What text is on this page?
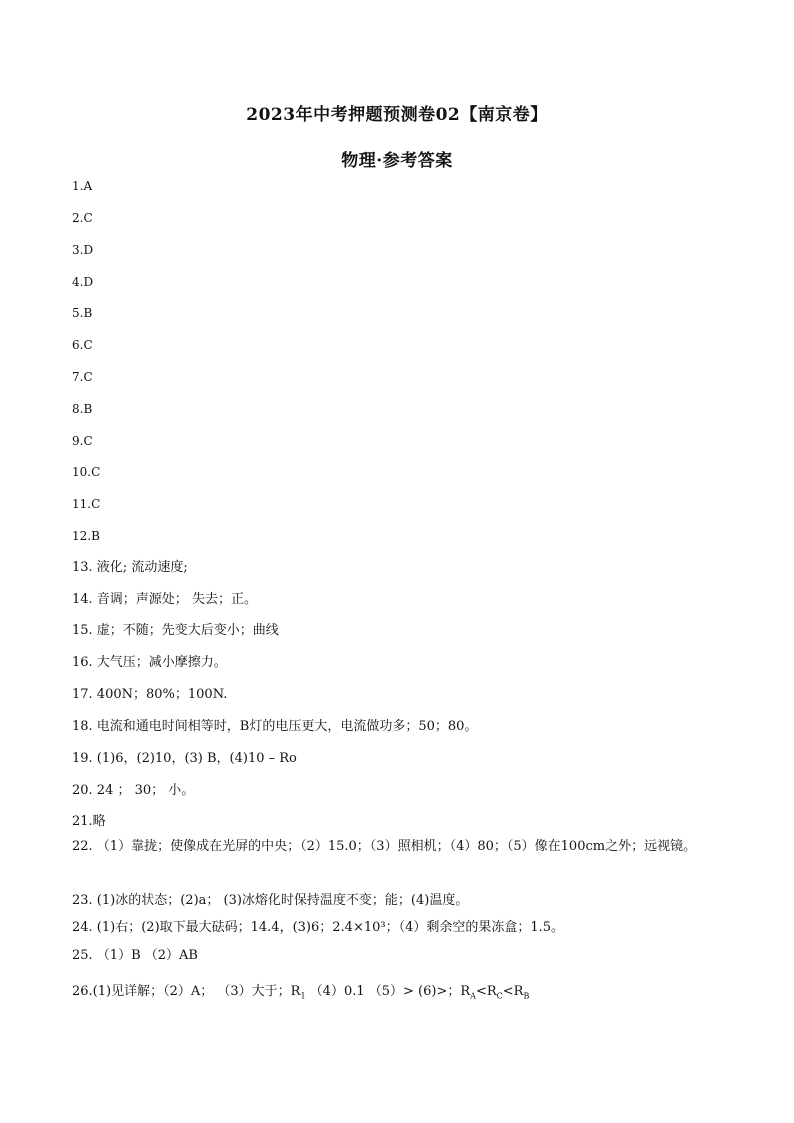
2023年中考押题预测卷02【南京卷】
物理·参考答案
1.A
2.C
3.D
4.D
5.B
6.C
7.C
8.B
9.C
10.C
11.C
12.B
13. 液化; 流动速度;
14. 音调；声源处； 失去；正。
15. 虚；不随；先变大后变小；曲线
16. 大气压；减小摩擦力。
17. 400N；80%；100N.
18. 电流和通电时间相等时，B灯的电压更大，电流做功多；50；80。
19. (1)6，(2)10，(3) B，(4)10 – Ro
20. 24 ； 30； 小。
21.略
22. （1）靠拢；使像成在光屏的中央；（2）15.0；（3）照相机；（4）80；（5）像在100cm之外；远视镜。
23. (1)冰的状态；(2)a； (3)冰熔化时保持温度不变；能；(4)温度。
24. (1)右；(2)取下最大砝码；14.4，(3)6；2.4×10³；（4）剩余空的果冻盒；1.5。
25. （1）B （2）AB
26.(1)见详解；（2）A； （3）大于；$R_1$ （4）0.1 （5）> (6)>；$R_A<R_C<R_B$
